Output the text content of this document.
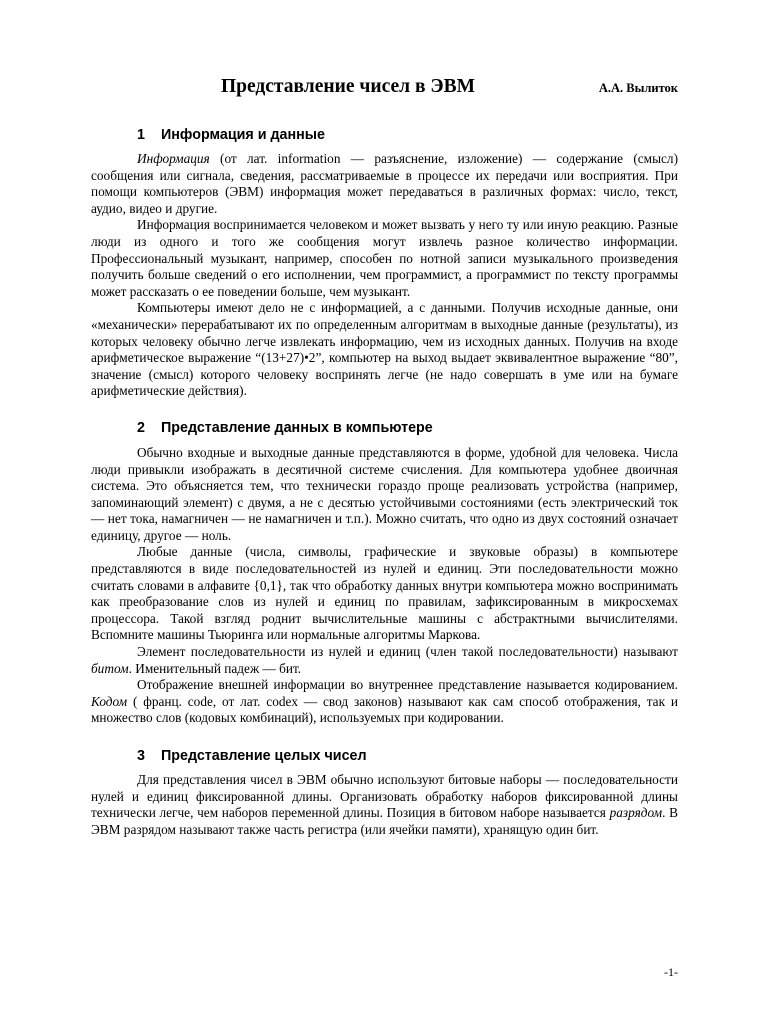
Представление чисел в ЭВМ	А.А. Вылиток
1 Информация и данные

Информация (от лат. information — разъяснение, изложение) — содержание (смысл) сообщения или сигнала, сведения, рассматриваемые в процессе их передачи или восприятия. При помощи компьютеров (ЭВМ) информация может передаваться в различных формах: число, текст, аудио, видео и другие.

Информация воспринимается человеком и может вызвать у него ту или иную реакцию. Разные люди из одного и того же сообщения могут извлечь разное количество информации. Профессиональный музыкант, например, способен по нотной записи музыкального произведения получить больше сведений о его исполнении, чем программист, а программист по тексту программы может рассказать о ее поведении больше, чем музыкант.

Компьютеры имеют дело не с информацией, а с данными. Получив исходные данные, они «механически» перерабатывают их по определенным алгоритмам в выходные данные (результаты), из которых человеку обычно легче извлекать информацию, чем из исходных данных. Получив на входе арифметическое выражение “(13+27)•2”, компьютер на выход выдает эквивалентное выражение “80”, значение (смысл) которого человеку воспринять легче (не надо совершать в уме или на бумаге арифметические действия).

2 Представление данных в компьютере

Обычно входные и выходные данные представляются в форме, удобной для человека. Числа люди привыкли изображать в десятичной системе счисления. Для компьютера удобнее двоичная система. Это объясняется тем, что технически гораздо проще реализовать устройства (например, запоминающий элемент) с двумя, а не с десятью устойчивыми состояниями (есть электрический ток — нет тока, намагничен — не намагничен и т.п.). Можно считать, что одно из двух состояний означает единицу, другое — ноль.

Любые данные (числа, символы, графические и звуковые образы) в компьютере представляются в виде последовательностей из нулей и единиц. Эти последовательности можно считать словами в алфавите {0,1}, так что обработку данных внутри компьютера можно воспринимать как преобразование слов из нулей и единиц по правилам, зафиксированным в микросхемах процессора. Такой взгляд роднит вычислительные машины с абстрактными вычислителями. Вспомните машины Тьюринга или нормальные алгоритмы Маркова.

Элемент последовательности из нулей и единиц (член такой последовательности) называют битом. Именительный падеж — бит.

Отображение внешней информации во внутреннее представление называется кодированием. Кодом ( франц. code, от лат. codex — свод законов) называют как сам способ отображения, так и множество слов (кодовых комбинаций), используемых при кодировании.

3 Представление целых чисел

Для представления чисел в ЭВМ обычно используют битовые наборы — последовательности нулей и единиц фиксированной длины. Организовать обработку наборов фиксированной длины технически легче, чем наборов переменной длины. Позиция в битовом наборе называется разрядом. В ЭВМ разрядом называют также часть регистра (или ячейки памяти), хранящую один бит.

-1-
